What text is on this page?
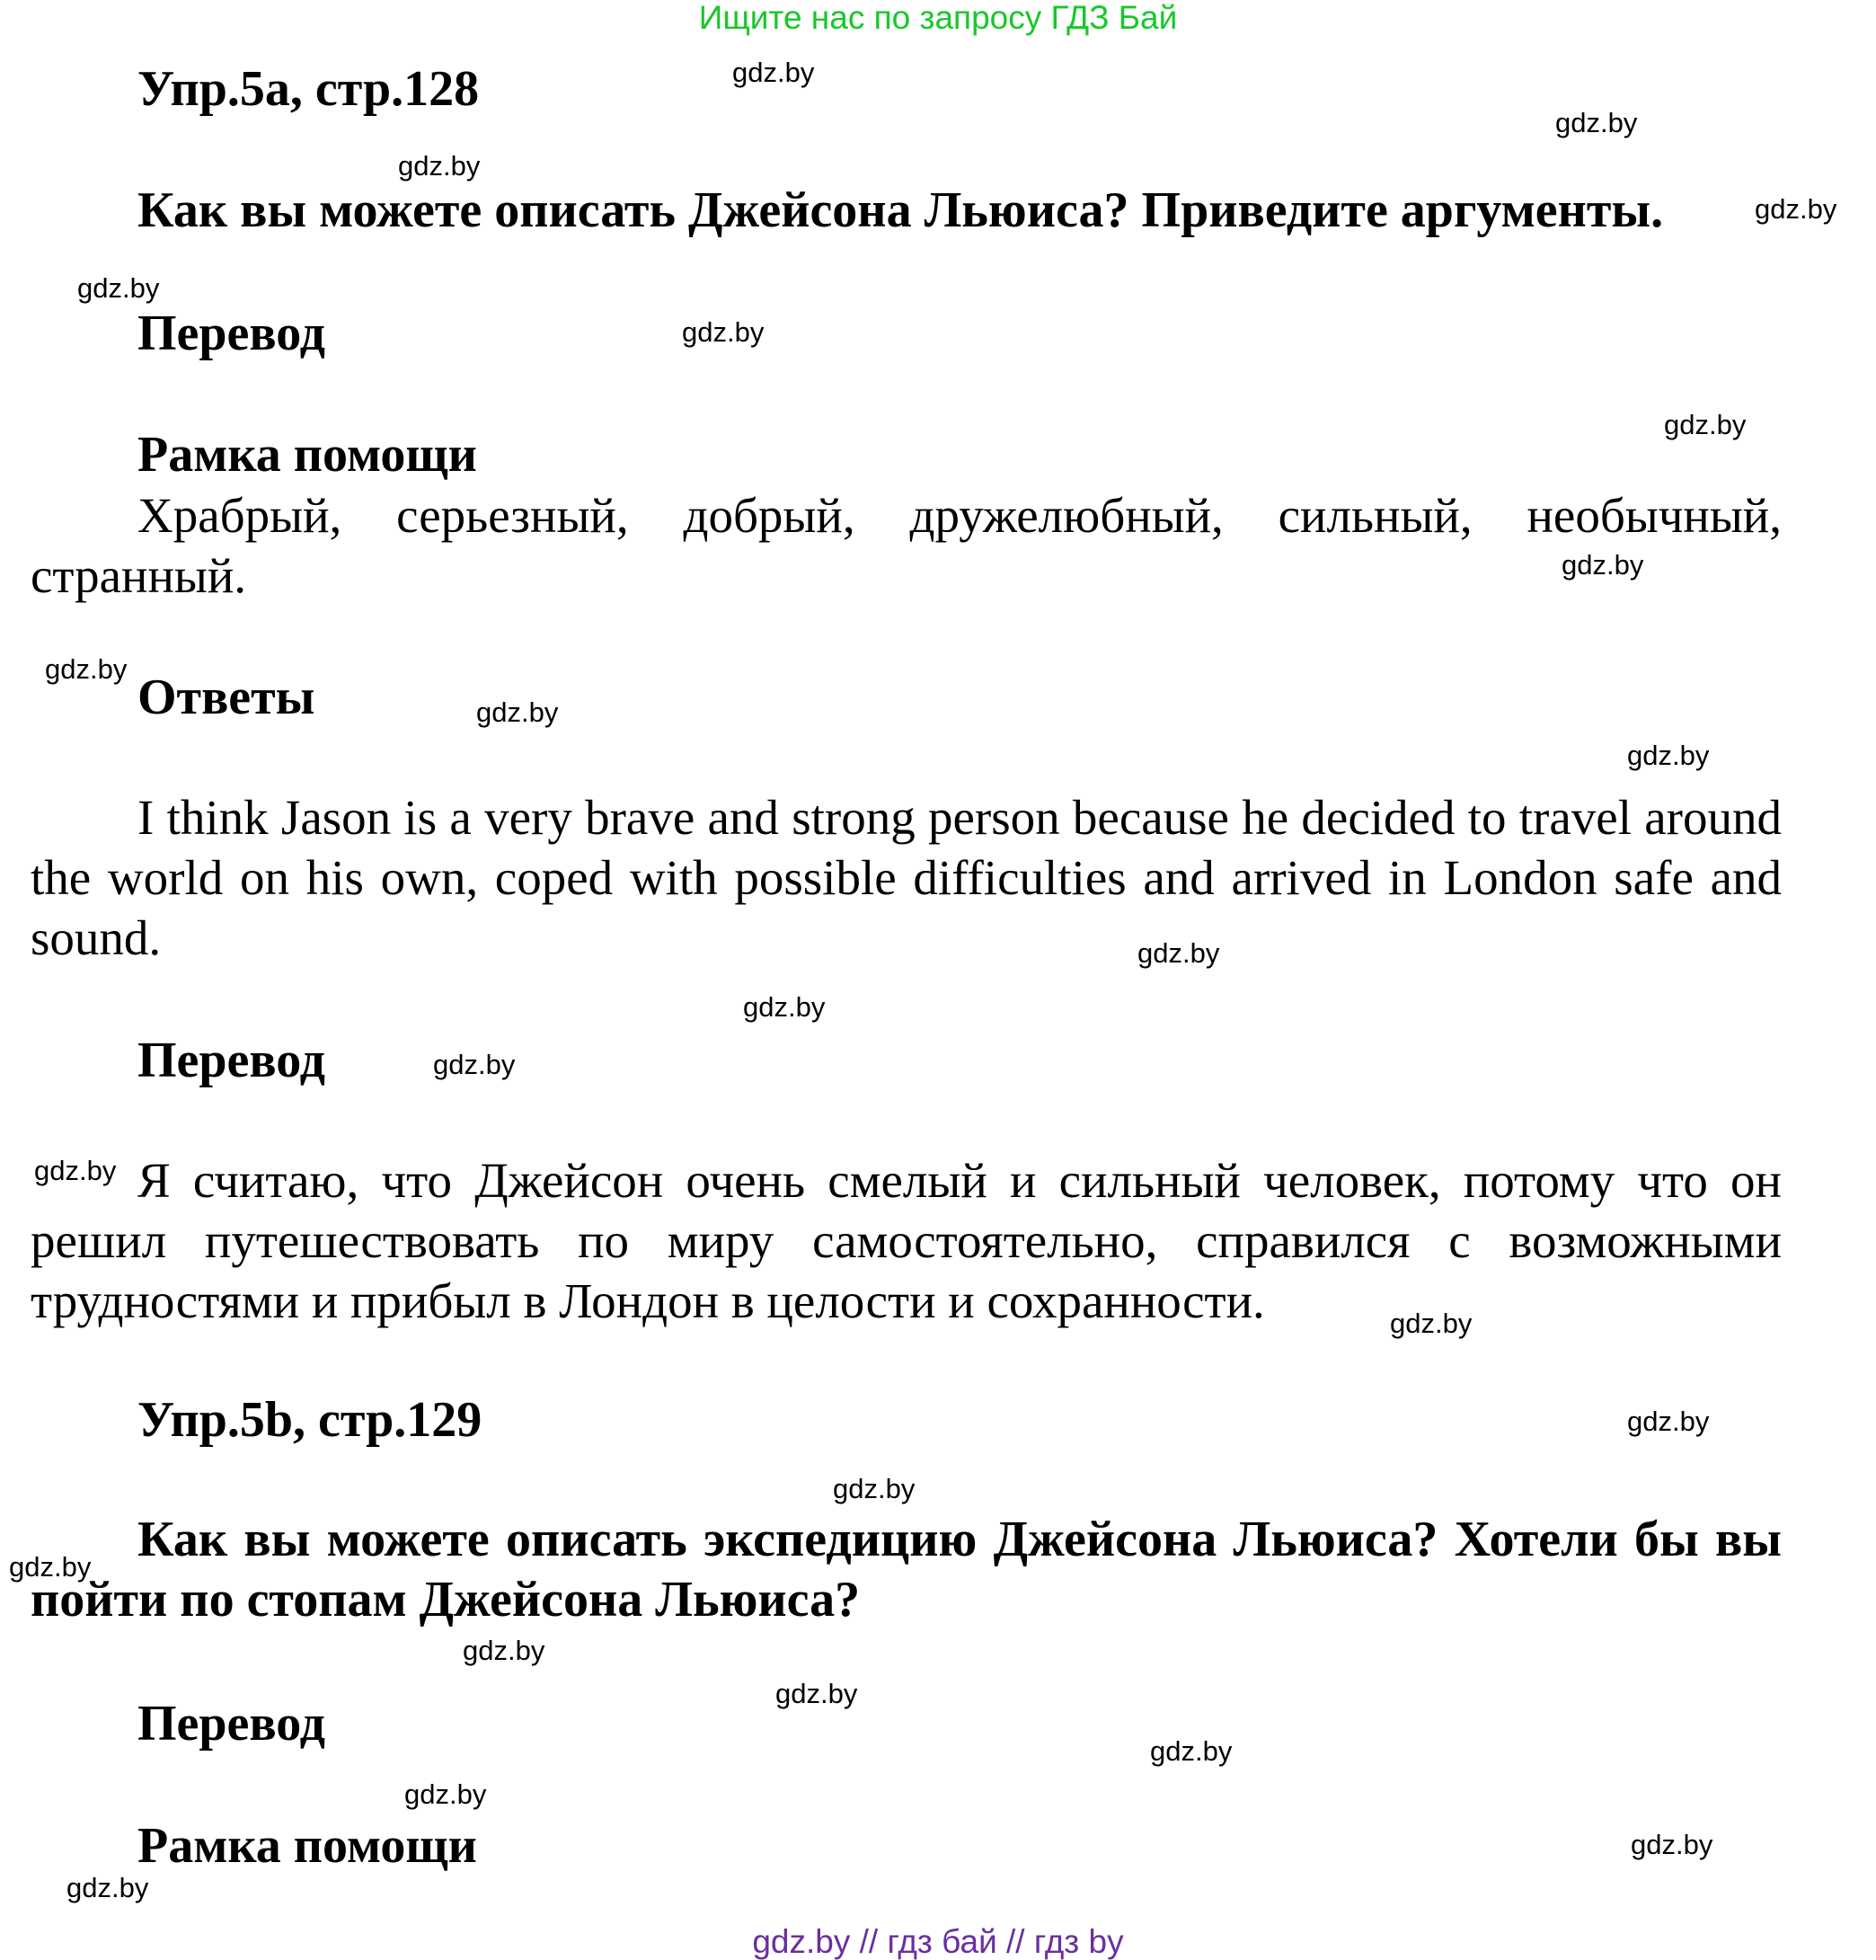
Ищите нас по запросу ГДЗ Бай
Упр.5а, стр.128

Как вы можете описать Джейсона Льюиса? Приведите аргументы.

Перевод
Рамка помощи

Храбрый, серьезный, добрый, дружелюбный, сильный, необычный, странный.

Ответы

I think Jason is a very brave and strong person because he decided to travel around the world on his own, coped with possible difficulties and arrived in London safe and sound.

Перевод

Я считаю, что Джейсон очень смелый и сильный человек, потому что он решил путешествовать по миру самостоятельно, справился с возможными трудностями и прибыл в Лондон в целости и сохранности.

Упр.5b, стр.129

Как вы можете описать экспедицию Джейсона Льюиса? Хотели бы вы пойти по стопам Джейсона Льюиса?

Перевод
Рамка помощи
gdz.by
gdz.by
gdz.by
gdz.by
gdz.by
gdz.by
gdz.by
gdz.by
gdz.by
gdz.by
gdz.by
gdz.by
gdz.by
gdz.by
gdz.by
gdz.by
gdz.by
gdz.by
gdz.by
gdz.by
gdz.by
gdz.by
gdz.by
gdz.by
gdz.by
gdz.by // гдз бай // гдз by
